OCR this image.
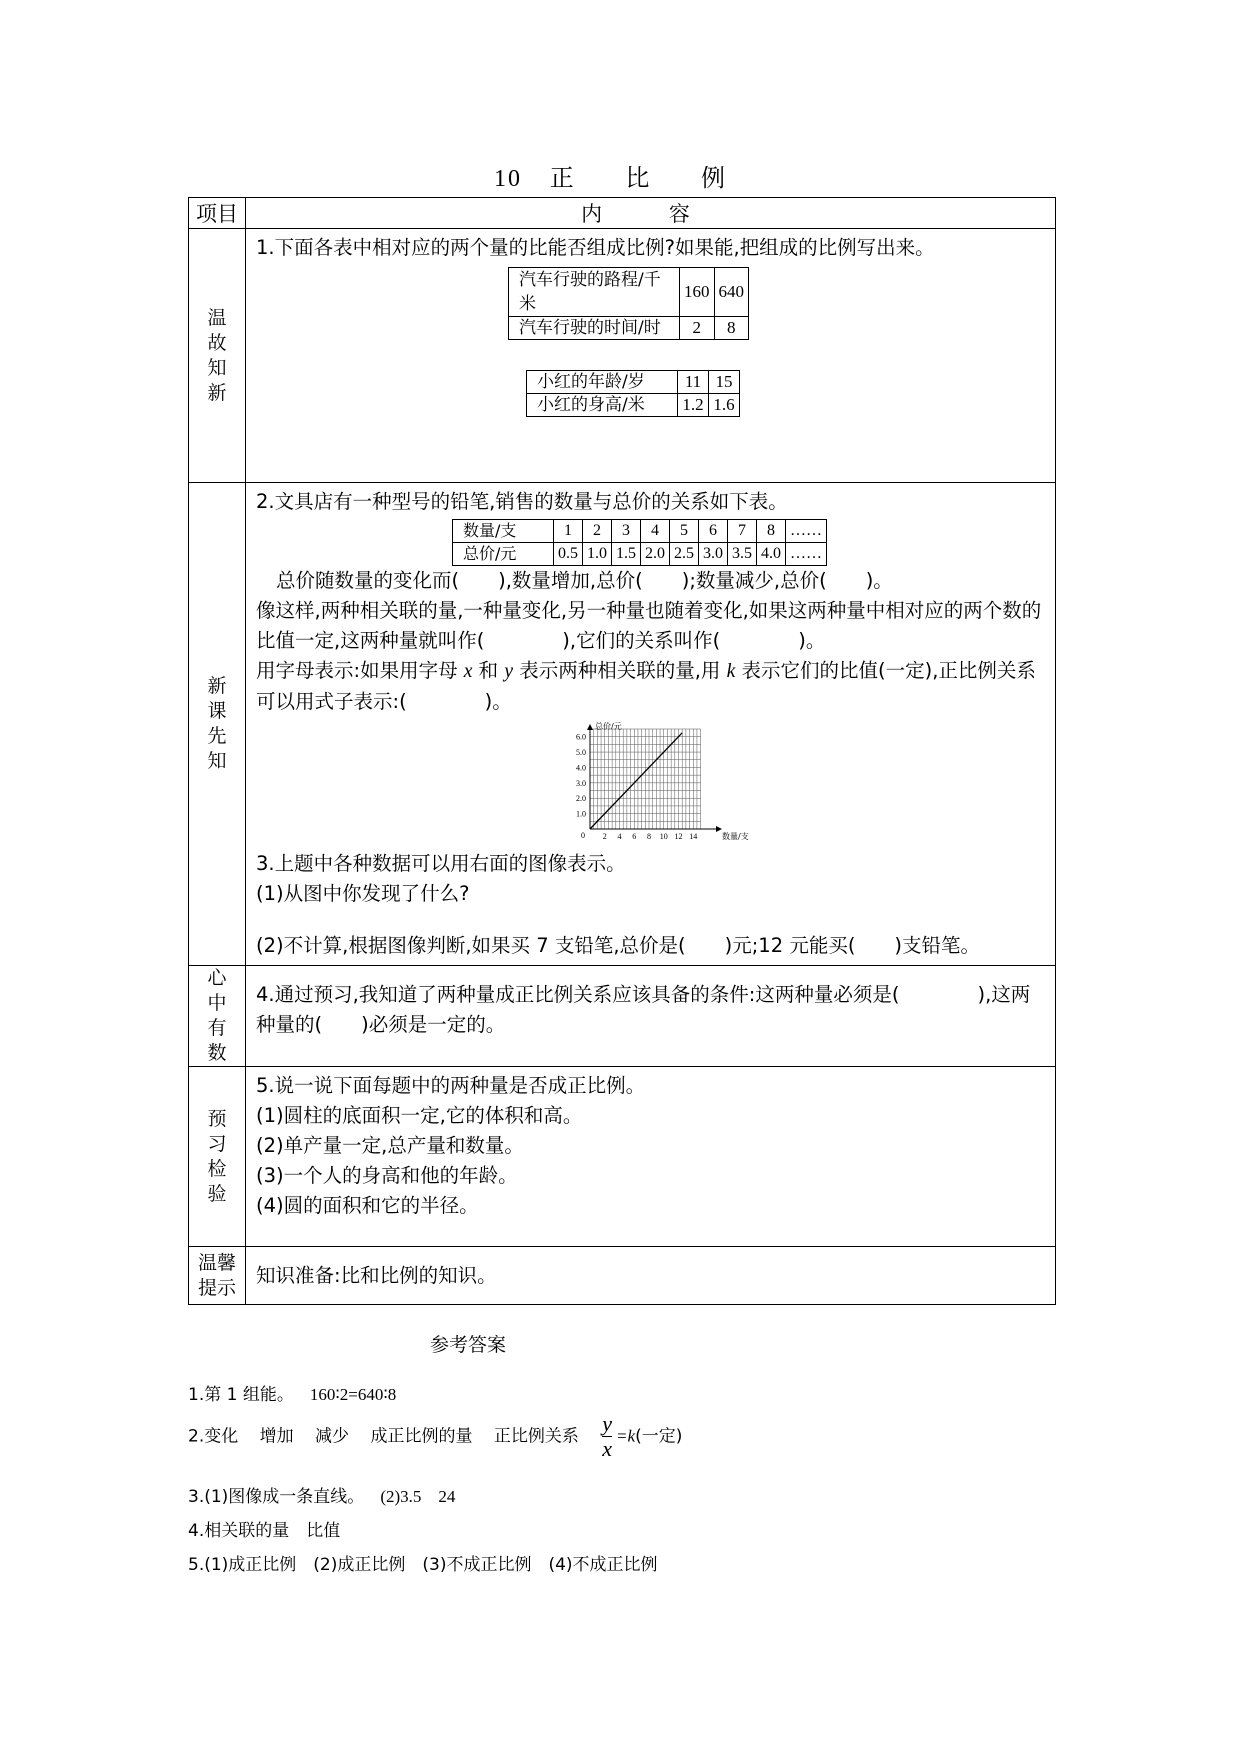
10 正 比 例
项目	内 容
温故知新	
1.下面各表中相对应的两个量的比能否组成比例?如果能,把组成的比例写出来。
汽车行驶的路程/千米	160	640
汽车行驶的时间/时	2	8
小红的年龄/岁	11	15
小红的身高/米	1.2	1.6

新课先知	
2.文具店有一种型号的铅笔,销售的数量与总价的关系如下表。
数量/支	1	2	3	4	5	6	7	8	……
总价/元	0.5	1.0	1.5	2.0	2.5	3.0	3.5	4.0	……
总价随数量的变化而(　　),数量增加,总价(　　);数量减少,总价(　　)。
像这样,两种相关联的量,一种量变化,另一种量也随着变化,如果这两种量中相对应的两个数的比值一定,这两种量就叫作(　　　　),它们的关系叫作(　　　　)。
用字母表示:如果用字母 x 和 y 表示两种相关联的量,用 k 表示它们的比值(一定),正比例关系可以用式子表示:(　　　　)。
2 4 6 8 10 12 14
1.0
2.0
3.0
4.0
5.0
6.0
0
总价/元
数量/支
3.上题中各种数据可以用右面的图像表示。
(1)从图中你发现了什么?
(2)不计算,根据图像判断,如果买 7 支铅笔,总价是(　　)元;12 元能买(　　)支铅笔。

心中有数	
4.通过预习,我知道了两种量成正比例关系应该具备的条件:这两种量必须是(　　　　),这两种量的(　　)必须是一定的。

预习检验	
5.说一说下面每题中的两种量是否成正比例。
(1)圆柱的底面积一定,它的体积和高。
(2)单产量一定,总产量和数量。
(3)一个人的身高和他的年龄。
(4)圆的面积和它的半径。

温馨提示	
知识准备:比和比例的知识。
参考答案
1.第 1 组能。 160∶2=640∶8
2.变化 增加 减少 成正比例的量 正比例关系 $\frac{y}{x} =k$(一定)
3.(1)图像成一条直线。 (2)3.5　24
4.相关联的量　比值
5.(1)成正比例　(2)成正比例　(3)不成正比例　(4)不成正比例
